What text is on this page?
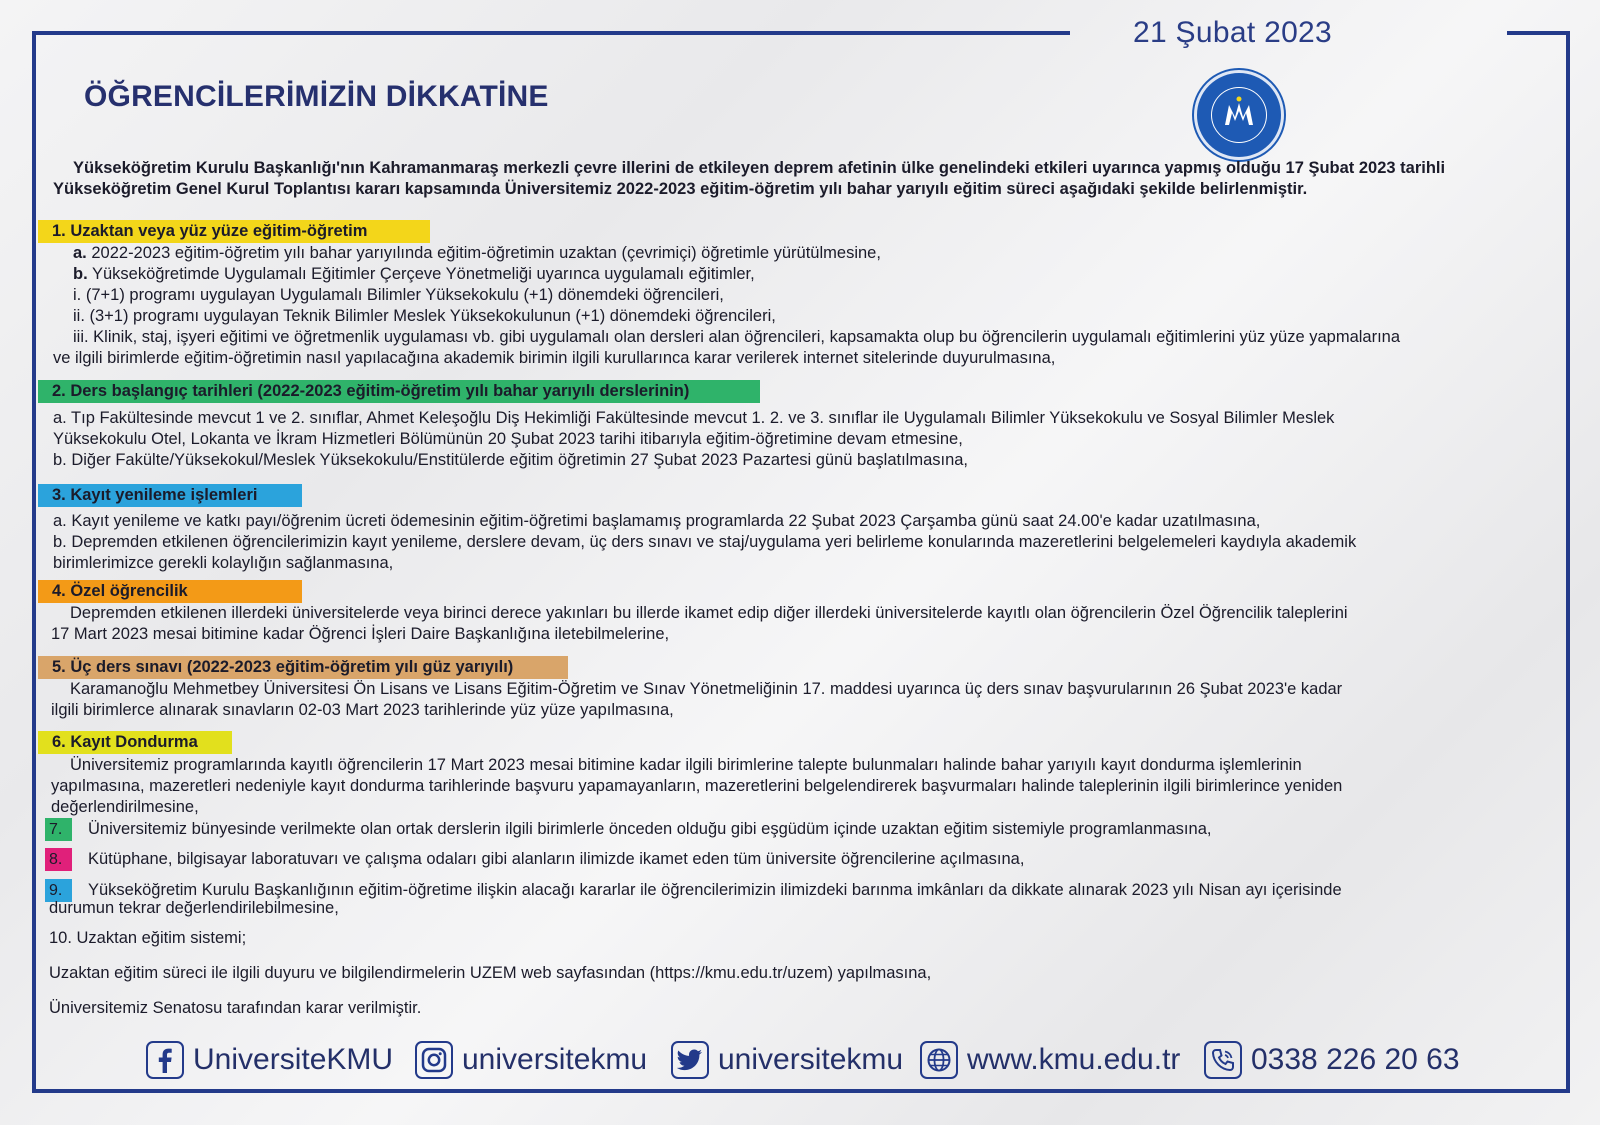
21 Şubat 2023
ÖĞRENCİLERİMİZİN DİKKATİNE
Yükseköğretim Kurulu Başkanlığı'nın Kahramanmaraş merkezli çevre illerini de etkileyen deprem afetinin ülke genelindeki etkileri uyarınca yapmış olduğu 17 Şubat 2023 tarihli
Yükseköğretim Genel Kurul Toplantısı kararı kapsamında Üniversitemiz 2022-2023 eğitim-öğretim yılı bahar yarıyılı eğitim süreci aşağıdaki şekilde belirlenmiştir.
1. Uzaktan veya yüz yüze eğitim-öğretim
a. 2022-2023 eğitim-öğretim yılı bahar yarıyılında eğitim-öğretimin uzaktan (çevrimiçi) öğretimle yürütülmesine,
b. Yükseköğretimde Uygulamalı Eğitimler Çerçeve Yönetmeliği uyarınca uygulamalı eğitimler,
i. (7+1) programı uygulayan Uygulamalı Bilimler Yüksekokulu (+1) dönemdeki öğrencileri,
ii. (3+1) programı uygulayan Teknik Bilimler Meslek Yüksekokulunun (+1) dönemdeki öğrencileri,
iii. Klinik, staj, işyeri eğitimi ve öğretmenlik uygulaması vb. gibi uygulamalı olan dersleri alan öğrencileri, kapsamakta olup bu öğrencilerin uygulamalı eğitimlerini yüz yüze yapmalarına
ve ilgili birimlerde eğitim-öğretimin nasıl yapılacağına akademik birimin ilgili kurullarınca karar verilerek internet sitelerinde duyurulmasına,
2. Ders başlangıç tarihleri (2022-2023 eğitim-öğretim yılı bahar yarıyılı derslerinin)
a. Tıp Fakültesinde mevcut 1 ve 2. sınıflar, Ahmet Keleşoğlu Diş Hekimliği Fakültesinde mevcut 1. 2. ve 3. sınıflar ile Uygulamalı Bilimler Yüksekokulu ve Sosyal Bilimler Meslek
Yüksekokulu Otel, Lokanta ve İkram Hizmetleri Bölümünün 20 Şubat 2023 tarihi itibarıyla eğitim-öğretimine devam etmesine,
b. Diğer Fakülte/Yüksekokul/Meslek Yüksekokulu/Enstitülerde eğitim öğretimin 27 Şubat 2023 Pazartesi günü başlatılmasına,
3. Kayıt yenileme işlemleri
a. Kayıt yenileme ve katkı payı/öğrenim ücreti ödemesinin eğitim-öğretimi başlamamış programlarda 22 Şubat 2023 Çarşamba günü saat 24.00'e kadar uzatılmasına,
b. Depremden etkilenen öğrencilerimizin kayıt yenileme, derslere devam, üç ders sınavı ve staj/uygulama yeri belirleme konularında mazeretlerini belgelemeleri kaydıyla akademik
birimlerimizce gerekli kolaylığın sağlanmasına,
4. Özel öğrencilik
Depremden etkilenen illerdeki üniversitelerde veya birinci derece yakınları bu illerde ikamet edip diğer illerdeki üniversitelerde kayıtlı olan öğrencilerin Özel Öğrencilik taleplerini
17 Mart 2023 mesai bitimine kadar Öğrenci İşleri Daire Başkanlığına iletebilmelerine,
5. Üç ders sınavı (2022-2023 eğitim-öğretim yılı güz yarıyılı)
Karamanoğlu Mehmetbey Üniversitesi Ön Lisans ve Lisans Eğitim-Öğretim ve Sınav Yönetmeliğinin 17. maddesi uyarınca üç ders sınav başvurularının 26 Şubat 2023'e kadar
ilgili birimlerce alınarak sınavların 02-03 Mart 2023 tarihlerinde yüz yüze yapılmasına,
6. Kayıt Dondurma
Üniversitemiz programlarında kayıtlı öğrencilerin 17 Mart 2023 mesai bitimine kadar ilgili birimlerine talepte bulunmaları halinde bahar yarıyılı kayıt dondurma işlemlerinin
yapılmasına, mazeretleri nedeniyle kayıt dondurma tarihlerinde başvuru yapamayanların, mazeretlerini belgelendirerek başvurmaları halinde taleplerinin ilgili birimlerince yeniden
değerlendirilmesine,
7.	Üniversitemiz bünyesinde verilmekte olan ortak derslerin ilgili birimlerle önceden olduğu gibi eşgüdüm içinde uzaktan eğitim sistemiyle programlanmasına,
8.	Kütüphane, bilgisayar laboratuvarı ve çalışma odaları gibi alanların ilimizde ikamet eden tüm üniversite öğrencilerine açılmasına,
9.	Yükseköğretim Kurulu Başkanlığının eğitim-öğretime ilişkin alacağı kararlar ile öğrencilerimizin ilimizdeki barınma imkânları da dikkate alınarak 2023 yılı Nisan ayı içerisinde
durumun tekrar değerlendirilebilmesine,
10. Uzaktan eğitim sistemi;
Uzaktan eğitim süreci ile ilgili duyuru ve bilgilendirmelerin UZEM web sayfasından (https://kmu.edu.tr/uzem) yapılmasına,
Üniversitemiz Senatosu tarafından karar verilmiştir.
UniversiteKMU universitekmu universitekmu www.kmu.edu.tr 0338 226 20 63
